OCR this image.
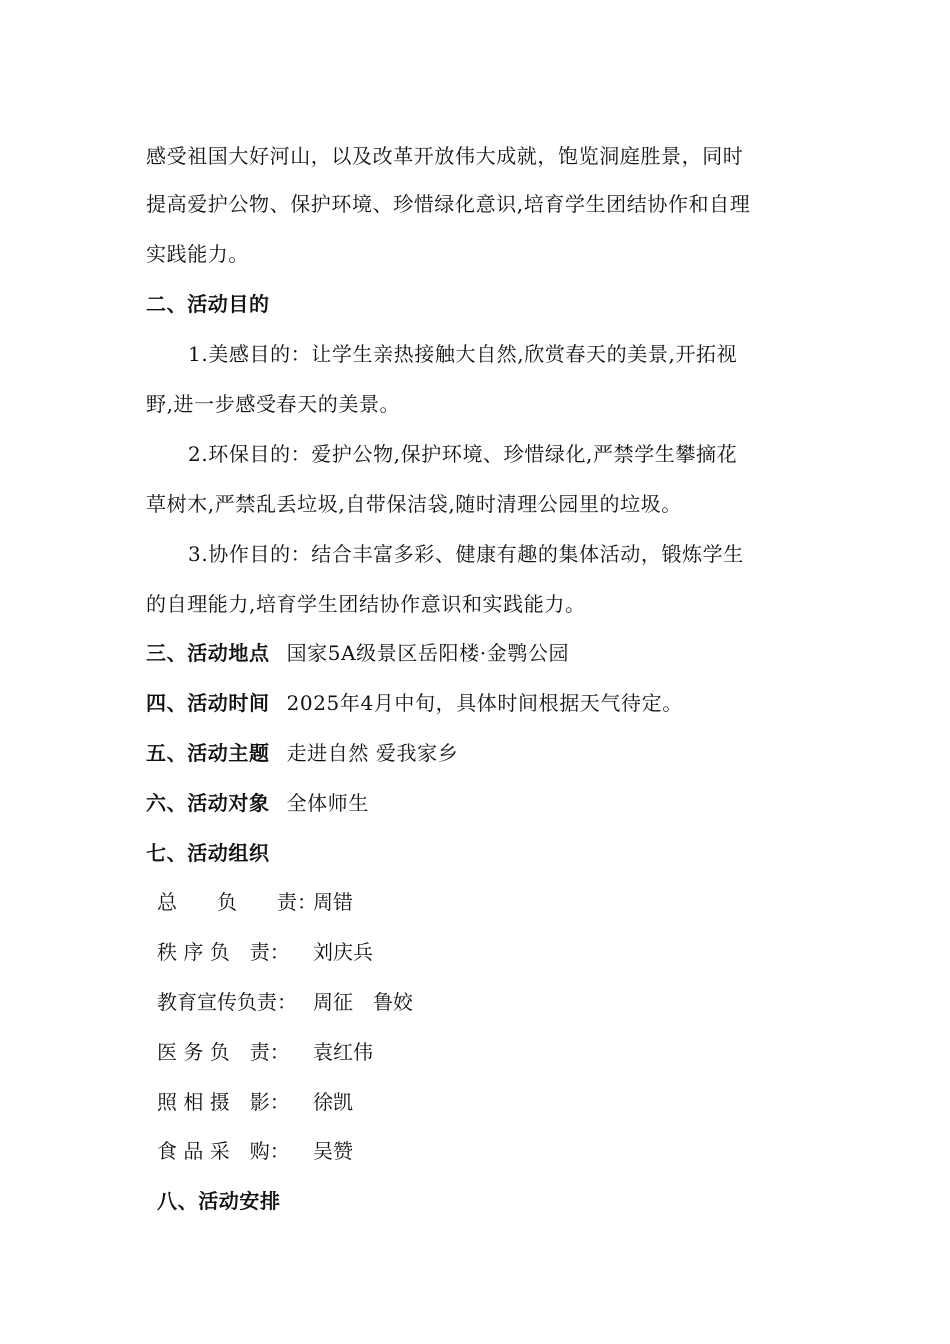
感受祖国大好河山，以及改革开放伟大成就，饱览洞庭胜景，同时
提高爱护公物、保护环境、珍惜绿化意识,培育学生团结协作和自理
实践能力。
二、活动目的
1.美感目的：让学生亲热接触大自然,欣赏春天的美景,开拓视
野,进一步感受春天的美景。
2.环保目的：爱护公物,保护环境、珍惜绿化,严禁学生攀摘花
草树木,严禁乱丢垃圾,自带保洁袋,随时清理公园里的垃圾。
3.协作目的：结合丰富多彩、健康有趣的集体活动，锻炼学生
的自理能力,培育学生团结协作意识和实践能力。
三、活动地点 国家5A级景区岳阳楼·金鹗公园
四、活动时间 2025年4月中旬，具体时间根据天气待定。
五、活动主题 走进自然 爱我家乡
六、活动对象 全体师生
七、活动组织
总　　负　　责：周错
秩 序 负　责： 刘庆兵
教育宣传负责： 周征　鲁姣
医 务 负　责： 袁红伟
照 相 摄　影： 徐凯
食 品 采　购： 吴赞
八、活动安排
